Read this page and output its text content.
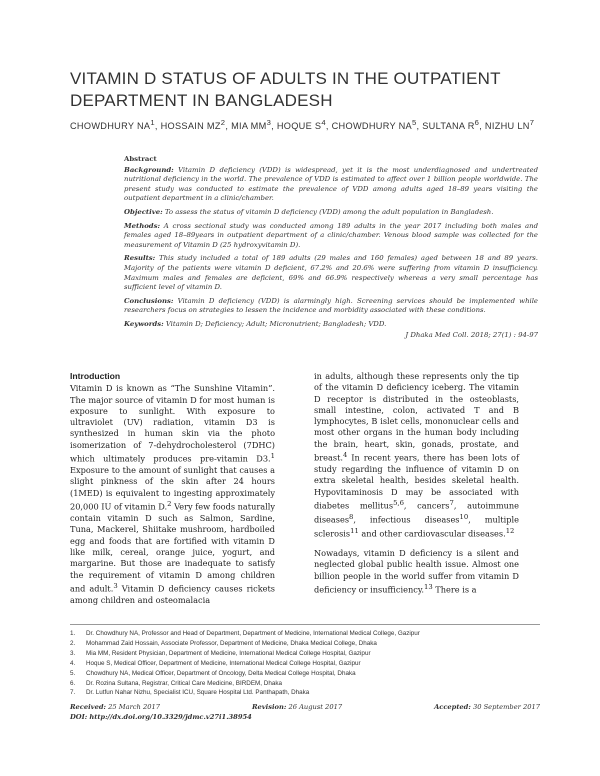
VITAMIN D STATUS OF ADULTS IN THE OUTPATIENT DEPARTMENT IN BANGLADESH
CHOWDHURY $NA^1$, HOSSAIN $MZ^2$, MIA $MM^3$, HOQUE $S^4$, CHOWDHURY $NA^5$, SULTANA $R^6$, NIZHU $LN^7$
Abstract

Background: Vitamin D deficiency (VDD) is widespread, yet it is the most underdiagnosed and undertreated nutritional deficiency in the world. The prevalence of VDD is estimated to affect over 1 billion people worldwide. The present study was conducted to estimate the prevalence of VDD among adults aged 18–89 years visiting the outpatient department in a clinic/chamber.

Objective: To assess the status of vitamin D deficiency (VDD) among the adult population in Bangladesh.

Methods: A cross sectional study was conducted among 189 adults in the year 2017 including both males and females aged 18–89years in outpatient department of a clinic/chamber. Venous blood sample was collected for the measurement of Vitamin D (25 hydroxyvitamin D).

Results: This study included a total of 189 adults (29 males and 160 females) aged between 18 and 89 years. Majority of the patients were vitamin D deficient, 67.2% and 20.6% were suffering from vitamin D insufficiency. Maximum males and females are deficient, 69% and 66.9% respectively whereas a very small percentage has sufficient level of vitamin D.

Conclusions: Vitamin D deficiency (VDD) is alarmingly high. Screening services should be implemented while researchers focus on strategies to lessen the incidence and morbidity associated with these conditions.

Keywords: Vitamin D; Deficiency; Adult; Micronutrient; Bangladesh; VDD.

J Dhaka Med Coll. 2018; 27(1) : 94-97
Introduction

Vitamin D is known as “The Sunshine Vitamin”. The major source of vitamin D for most human is exposure to sunlight. With exposure to ultraviolet (UV) radiation, vitamin D3 is synthesized in human skin via the photo isomerization of 7-dehydrocholesterol (7DHC) which ultimately produces pre-vitamin D3.$^1$ Exposure to the amount of sunlight that causes a slight pinkness of the skin after 24 hours (1MED) is equivalent to ingesting approximately 20,000 IU of vitamin D.$^2$ Very few foods naturally contain vitamin D such as Salmon, Sardine, Tuna, Mackerel, Shiitake mushroom, hardboiled egg and foods that are fortified with vitamin D like milk, cereal, orange juice, yogurt, and margarine. But those are inadequate to satisfy the requirement of vitamin D among children and adult.$^3$ Vitamin D deficiency causes rickets among children and osteomalacia

in adults, although these represents only the tip of the vitamin D deficiency iceberg. The vitamin D receptor is distributed in the osteoblasts, small intestine, colon, activated T and B lymphocytes, B islet cells, mononuclear cells and most other organs in the human body including the brain, heart, skin, gonads, prostate, and breast.$^4$ In recent years, there has been lots of study regarding the influence of vitamin D on extra skeletal health, besides skeletal health. Hypovitaminosis D may be associated with diabetes mellitus$^{5,6}$, cancers$^7$, autoimmune diseases$^8$, infectious diseases$^{10}$, multiple sclerosis$^{11}$ and other cardiovascular diseases.$^{12}$

Nowadays, vitamin D deficiency is a silent and neglected global public health issue. Almost one billion people in the world suffer from vitamin D deficiency or insufficiency.$^{13}$ There is a

1.	Dr. Chowdhury NA, Professor and Head of Department, Department of Medicine, International Medical College, Gazipur
2.	Mohammad Zaid Hossain, Associate Professor, Department of Medicine, Dhaka Medical College, Dhaka
3.	Mia MM, Resident Physician, Department of Medicine, International Medical College Hospital, Gazipur
4.	Hoque S, Medical Officer, Department of Medicine, International Medical College Hospital, Gazipur
5.	Chowdhury NA, Medical Officer, Department of Oncology, Delta Medical College Hospital, Dhaka
6.	Dr. Rozina Sultana, Registrar, Critical Care Medicine, BIRDEM, Dhaka
7.	Dr. Lutfun Nahar Nizhu, Specialist ICU, Square Hospital Ltd. Panthapath, Dhaka
Received: 25 March 2017	Revision: 26 August 2017	Accepted: 30 September 2017
DOI: http://dx.doi.org/10.3329/jdmc.v27i1.38954
